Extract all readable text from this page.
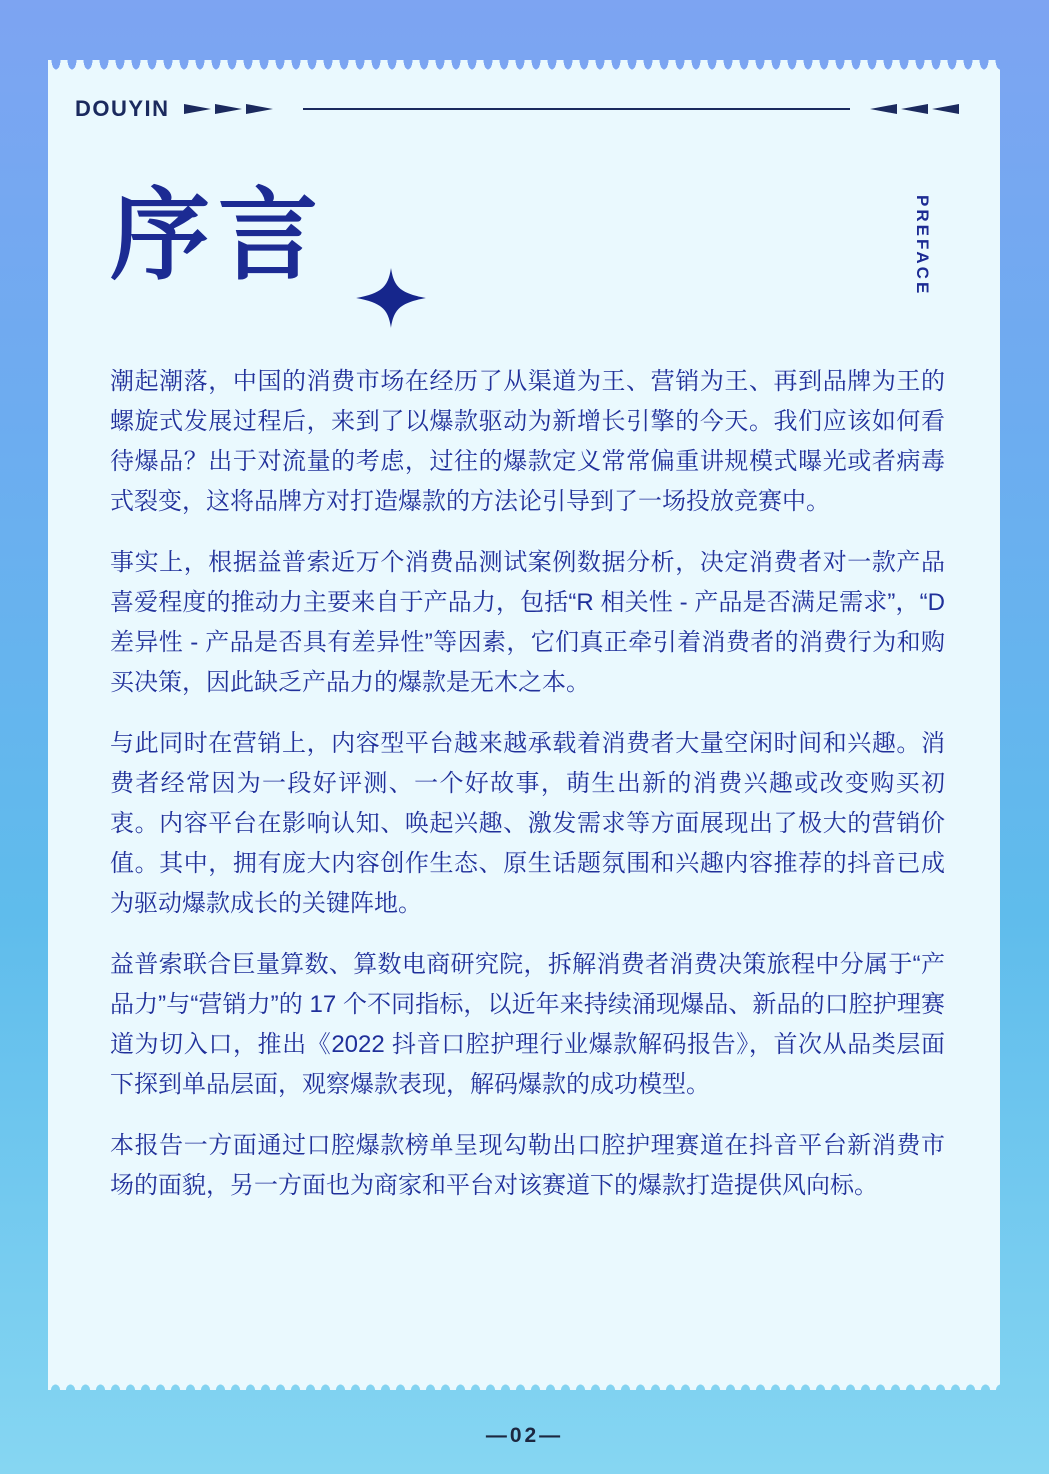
DOUYIN
序言	PREFACE

潮起潮落，中国的消费市场在经历了从渠道为王、营销为王、再到品牌为王的螺旋式发展过程后，来到了以爆款驱动为新增长引擎的今天。我们应该如何看待爆品？出于对流量的考虑，过往的爆款定义常常偏重讲规模式曝光或者病毒式裂变，这将品牌方对打造爆款的方法论引导到了一场投放竞赛中。

事实上，根据益普索近万个消费品测试案例数据分析，决定消费者对一款产品喜爱程度的推动力主要来自于产品力，包括“R 相关性 - 产品是否满足需求”，“D 差异性 - 产品是否具有差异性”等因素，它们真正牵引着消费者的消费行为和购买决策，因此缺乏产品力的爆款是无木之本。

与此同时在营销上，内容型平台越来越承载着消费者大量空闲时间和兴趣。消费者经常因为一段好评测、一个好故事，萌生出新的消费兴趣或改变购买初衷。内容平台在影响认知、唤起兴趣、激发需求等方面展现出了极大的营销价值。其中，拥有庞大内容创作生态、原生话题氛围和兴趣内容推荐的抖音已成为驱动爆款成长的关键阵地。

益普索联合巨量算数、算数电商研究院，拆解消费者消费决策旅程中分属于“产品力”与“营销力”的 17 个不同指标，以近年来持续涌现爆品、新品的口腔护理赛道为切入口，推出《2022 抖音口腔护理行业爆款解码报告》，首次从品类层面下探到单品层面，观察爆款表现，解码爆款的成功模型。

本报告一方面通过口腔爆款榜单呈现勾勒出口腔护理赛道在抖音平台新消费市场的面貌，另一方面也为商家和平台对该赛道下的爆款打造提供风向标。

—02—
